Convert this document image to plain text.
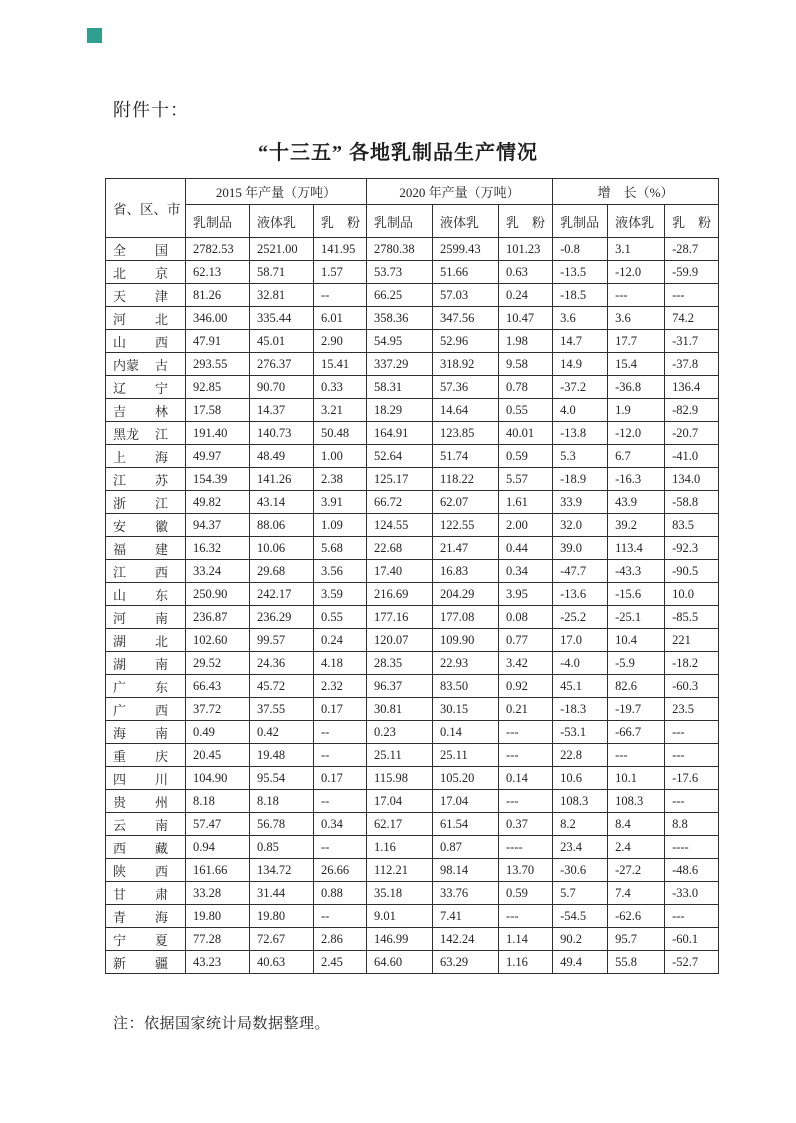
附件十：
“十三五” 各地乳制品生产情况
省、区、市	2015 年产量（万吨）			2020 年产量（万吨）			增　长（%）		
	乳制品	液体乳	乳　粉	乳制品	液体乳	乳　粉	乳制品	液体乳	乳　粉

全 国	2782.53	2521.00	141.95	2780.38	2599.43	101.23	-0.8	3.1	-28.7

北 京	62.13	58.71	1.57	53.73	51.66	0.63	-13.5	-12.0	-59.9

天 津	81.26	32.81	--	66.25	57.03	0.24	-18.5	---	---

河 北	346.00	335.44	6.01	358.36	347.56	10.47	3.6	3.6	74.2

山 西	47.91	45.01	2.90	54.95	52.96	1.98	14.7	17.7	-31.7

内蒙 古	293.55	276.37	15.41	337.29	318.92	9.58	14.9	15.4	-37.8

辽 宁	92.85	90.70	0.33	58.31	57.36	0.78	-37.2	-36.8	136.4

吉 林	17.58	14.37	3.21	18.29	14.64	0.55	4.0	1.9	-82.9

黑龙 江	191.40	140.73	50.48	164.91	123.85	40.01	-13.8	-12.0	-20.7

上 海	49.97	48.49	1.00	52.64	51.74	0.59	5.3	6.7	-41.0

江 苏	154.39	141.26	2.38	125.17	118.22	5.57	-18.9	-16.3	134.0

浙 江	49.82	43.14	3.91	66.72	62.07	1.61	33.9	43.9	-58.8

安 徽	94.37	88.06	1.09	124.55	122.55	2.00	32.0	39.2	83.5

福 建	16.32	10.06	5.68	22.68	21.47	0.44	39.0	113.4	-92.3

江 西	33.24	29.68	3.56	17.40	16.83	0.34	-47.7	-43.3	-90.5

山 东	250.90	242.17	3.59	216.69	204.29	3.95	-13.6	-15.6	10.0

河 南	236.87	236.29	0.55	177.16	177.08	0.08	-25.2	-25.1	-85.5

湖 北	102.60	99.57	0.24	120.07	109.90	0.77	17.0	10.4	221

湖 南	29.52	24.36	4.18	28.35	22.93	3.42	-4.0	-5.9	-18.2

广 东	66.43	45.72	2.32	96.37	83.50	0.92	45.1	82.6	-60.3

广 西	37.72	37.55	0.17	30.81	30.15	0.21	-18.3	-19.7	23.5

海 南	0.49	0.42	--	0.23	0.14	---	-53.1	-66.7	---

重 庆	20.45	19.48	--	25.11	25.11	---	22.8	---	---

四 川	104.90	95.54	0.17	115.98	105.20	0.14	10.6	10.1	-17.6

贵 州	8.18	8.18	--	17.04	17.04	---	108.3	108.3	---

云 南	57.47	56.78	0.34	62.17	61.54	0.37	8.2	8.4	8.8

西 藏	0.94	0.85	--	1.16	0.87	----	23.4	2.4	----

陕 西	161.66	134.72	26.66	112.21	98.14	13.70	-30.6	-27.2	-48.6

甘 肃	33.28	31.44	0.88	35.18	33.76	0.59	5.7	7.4	-33.0

青 海	19.80	19.80	--	9.01	7.41	---	-54.5	-62.6	---

宁 夏	77.28	72.67	2.86	146.99	142.24	1.14	90.2	95.7	-60.1

新 疆	43.23	40.63	2.45	64.60	63.29	1.16	49.4	55.8	-52.7
注：依据国家统计局数据整理。
